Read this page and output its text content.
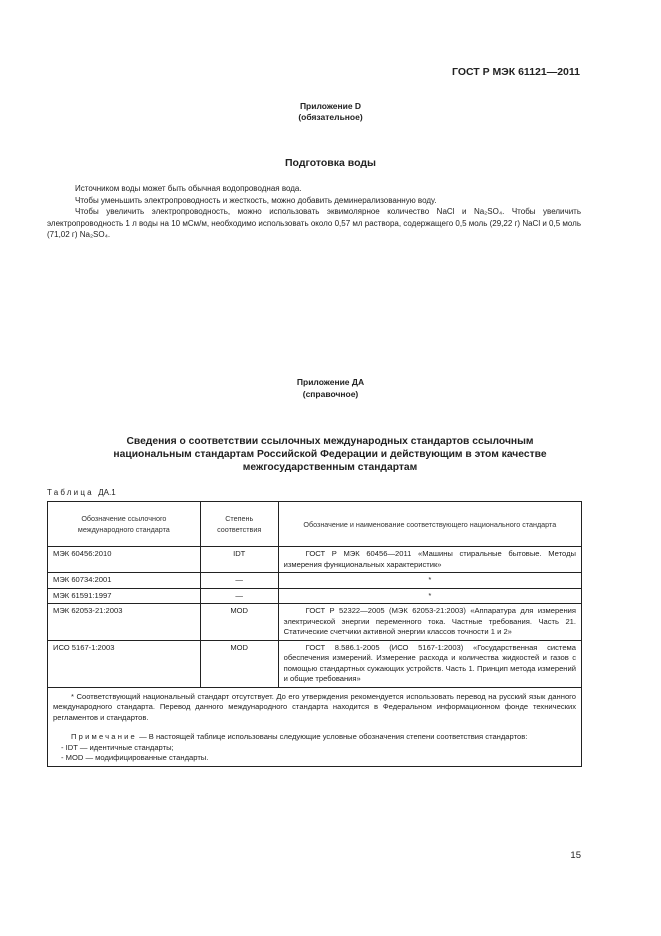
ГОСТ Р МЭК 61121—2011
Приложение D
(обязательное)
Подготовка воды

Источником воды может быть обычная водопроводная вода.

Чтобы уменьшить электропроводность и жесткость, можно добавить деминерализованную воду.

Чтобы увеличить электропроводность, можно использовать эквимолярное количество NaCl и Na₂SO₄. Чтобы увеличить электропроводность 1 л воды на 10 мСм/м, необходимо использовать около 0,57 мл раствора, содержащего 0,5 моль (29,22 г) NaCl и 0,5 моль (71,02 г) Na₂SO₄.

Приложение ДА
(справочное)
Сведения о соответствии ссылочных международных стандартов ссылочным
национальным стандартам Российской Федерации и действующим в этом качестве
межгосударственным стандартам
Таблица ДА.1
Обозначение ссылочного международного стандарта	Степень соответствия	Обозначение и наименование соответствующего национального стандарта
МЭК 60456:2010	IDT	ГОСТ Р МЭК 60456—2011 «Машины стиральные бытовые. Методы измерения функциональных характеристик»

МЭК 60734:2001	—	*
МЭК 61591:1997	—	*
МЭК 62053-21:2003	MOD	ГОСТ Р 52322—2005 (МЭК 62053-21:2003) «Аппаратура для измерения электрической энергии переменного тока. Частные требования. Часть 21. Статические счетчики активной энергии классов точности 1 и 2»

ИСО 5167-1:2003	MOD	ГОСТ 8.586.1-2005 (ИСО 5167-1:2003) «Государственная система обеспечения измерений. Измерение расхода и количества жидкостей и газов с помощью стандартных сужающих устройств. Часть 1. Принцип метода измерений и общие требования»

* Соответствующий национальный стандарт отсутствует. До его утверждения рекомендуется использовать перевод на русский язык данного международного стандарта. Перевод данного международного стандарта находится в Федеральном информационном фонде технических регламентов и стандартов.

Примечание — В настоящей таблице использованы следующие условные обозначения степени соответствия стандартов:

- IDT — идентичные стандарты;

- MOD — модифицированные стандарты.		

15
